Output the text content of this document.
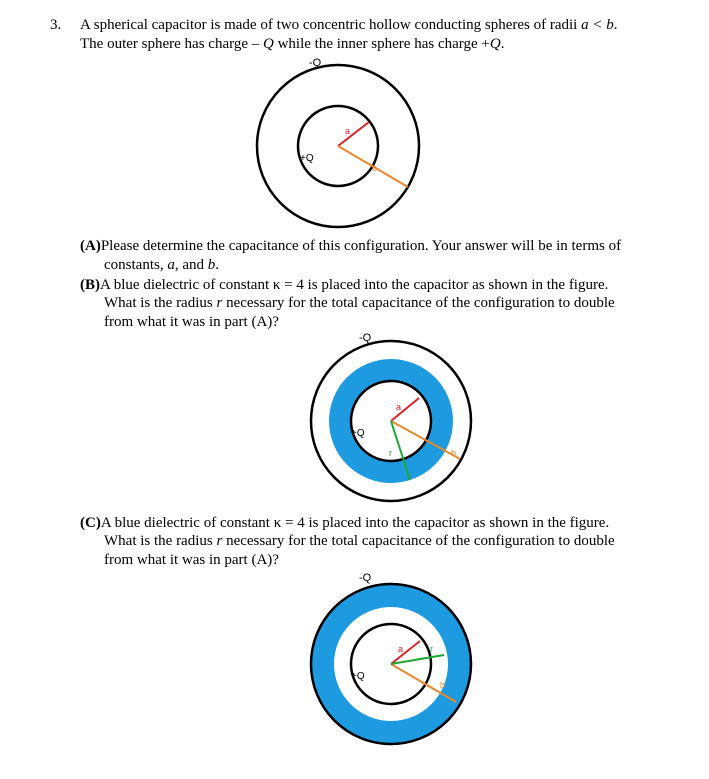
3. A spherical capacitor is made of two concentric hollow conducting spheres of radii a < b.
The outer sphere has charge – Q while the inner sphere has charge +Q.
(A)Please determine the capacitance of this configuration. Your answer will be in terms of
constants, a, and b.
(B)A blue dielectric of constant κ = 4 is placed into the capacitor as shown in the figure.
What is the radius r necessary for the total capacitance of the configuration to double
from what it was in part (A)?
(C)A blue dielectric of constant κ = 4 is placed into the capacitor as shown in the figure.
What is the radius r necessary for the total capacitance of the configuration to double
from what it was in part (A)?
-Q
+Q
a
b
-Q
+Q
a
b
r
-Q
+Q
a
b
r
